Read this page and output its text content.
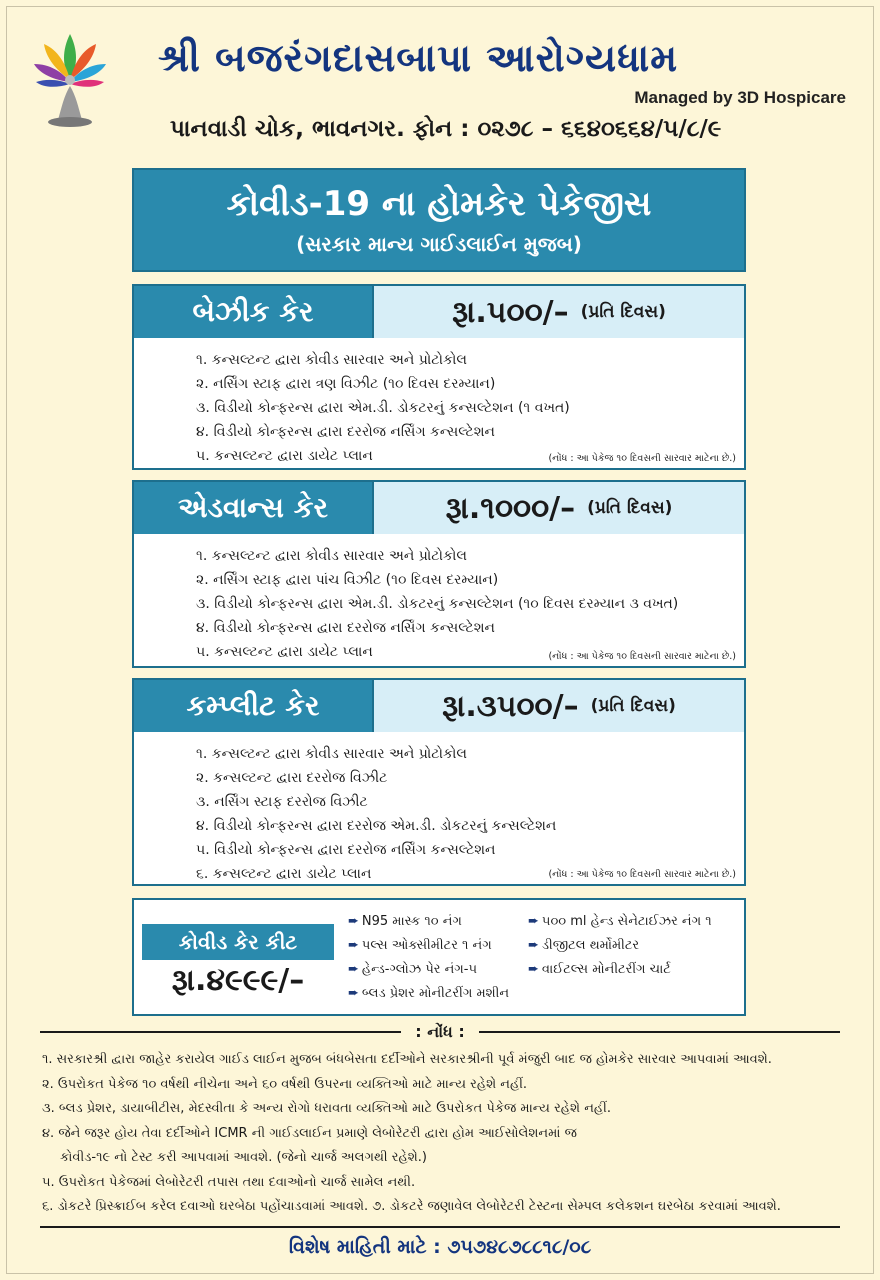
શ્રી બજરંગદાસબાપા આરોગ્યધામ
Managed by 3D Hospicare
પાનવાડી ચોક, ભાવનગર. ફોન : ૦૨૭૮ – ૬૬૪૦૬૬૪/૫/૮/૯
કોવીડ-19 ના હોમકેર પેકેજીસ
(સરકાર માન્ય ગાઈડલાઈન મુજબ)
બેઝીક કેર	રૂા.૫૦૦/– (પ્રતિ દિવસ)
૧. કન્સલ્ટન્ટ દ્વારા કોવીડ સારવાર અને પ્રોટોકોલ
૨. નર્સિંગ સ્ટાફ દ્વારા ત્રણ વિઝીટ (૧૦ દિવસ દરમ્યાન)
૩. વિડીયો કોન્ફરન્સ દ્વારા એમ.ડી. ડોકટરનું કન્સલ્ટેશન (૧ વખત)
૪. વિડીયો કોન્ફરન્સ દ્વારા દરરોજ નર્સિંગ કન્સલ્ટેશન
૫. કન્સલ્ટન્ટ દ્વારા ડાયેટ પ્લાન	(નોંધ : આ પેકેજ ૧૦ દિવસની સારવાર માટેના છે.)
એડવાન્સ કેર	રૂા.૧૦૦૦/– (પ્રતિ દિવસ)
૧. કન્સલ્ટન્ટ દ્વારા કોવીડ સારવાર અને પ્રોટોકોલ
૨. નર્સિંગ સ્ટાફ દ્વારા પાંચ વિઝીટ (૧૦ દિવસ દરમ્યાન)
૩. વિડીયો કોન્ફરન્સ દ્વારા એમ.ડી. ડોકટરનું કન્સલ્ટેશન (૧૦ દિવસ દરમ્યાન ૩ વખત)
૪. વિડીયો કોન્ફરન્સ દ્વારા દરરોજ નર્સિંગ કન્સલ્ટેશન
૫. કન્સલ્ટન્ટ દ્વારા ડાયેટ પ્લાન	(નોંધ : આ પેકેજ ૧૦ દિવસની સારવાર માટેના છે.)
કમ્પ્લીટ કેર	રૂા.૩૫૦૦/– (પ્રતિ દિવસ)
૧. કન્સલ્ટન્ટ દ્વારા કોવીડ સારવાર અને પ્રોટોકોલ
૨. કન્સલ્ટન્ટ દ્વારા દરરોજ વિઝીટ
૩. નર્સિંગ સ્ટાફ દરરોજ વિઝીટ
૪. વિડીયો કોન્ફરન્સ દ્વારા દરરોજ એમ.ડી. ડોકટરનું કન્સલ્ટેશન
૫. વિડીયો કોન્ફરન્સ દ્વારા દરરોજ નર્સિંગ કન્સલ્ટેશન
૬. કન્સલ્ટન્ટ દ્વારા ડાયેટ પ્લાન	(નોંધ : આ પેકેજ ૧૦ દિવસની સારવાર માટેના છે.)
કોવીડ કેર કીટ
રૂા.૪૯૯૯/–
➨ N95 માસ્ક ૧૦ નંગ	➨ ૫૦૦ ml હેન્ડ સેનેટાઈઝર નંગ ૧
➨ પલ્સ ઓક્સીમીટર ૧ નંગ	➨ ડીજીટલ થર્મોમીટર
➨ હેન્ડ-ગ્લોઝ પેર નંગ-૫	➨ વાઈટલ્સ મોનીટરીંગ ચાર્ટ
➨ બ્લડ પ્રેશર મોનીટરીંગ મશીન
: નોંધ :
૧. સરકારશ્રી દ્વારા જાહેર કરાયેલ ગાઈડ લાઈન મુજબ બંધબેસતા દર્દીઓને સરકારશ્રીની પૂર્વ મંજુરી બાદ જ હોમકેર સારવાર આપવામાં આવશે.
૨. ઉપરોકત પેકેજ ૧૦ વર્ષથી નીચેના અને ૬૦ વર્ષથી ઉપરના વ્યક્તિઓ માટે માન્ય રહેશે નહીં.
૩. બ્લડ પ્રેશર, ડાયાબીટીસ, મેદસ્વીતા કે અન્ય રોગો ધરાવતા વ્યક્તિઓ માટે ઉપરોકત પેકેજ માન્ય રહેશે નહીં.
૪. જેને જરૂર હોય તેવા દર્દીઓને ICMR ની ગાઈડલાઈન પ્રમાણે લેબોરેટરી દ્વારા હોમ આઈસોલેશનમાં જ
કોવીડ-૧૯ નો ટેસ્ટ કરી આપવામાં આવશે. (જેનો ચાર્જ અલગથી રહેશે.)
૫. ઉપરોકત પેકેજમાં લેબોરેટરી તપાસ તથા દવાઓનો ચાર્જ સામેલ નથી.
૬. ડોકટરે પ્રિસ્ક્રાઈબ કરેલ દવાઓ ઘરબેઠા પહોંચાડવામાં આવશે. ૭. ડોકટરે જણાવેલ લેબોરેટરી ટેસ્ટના સેમ્પલ કલેકશન ઘરબેઠા કરવામાં આવશે.
વિશેષ માહિતી માટે : ૭૫૭૪૮૭૮૮૧૮/૦૮
